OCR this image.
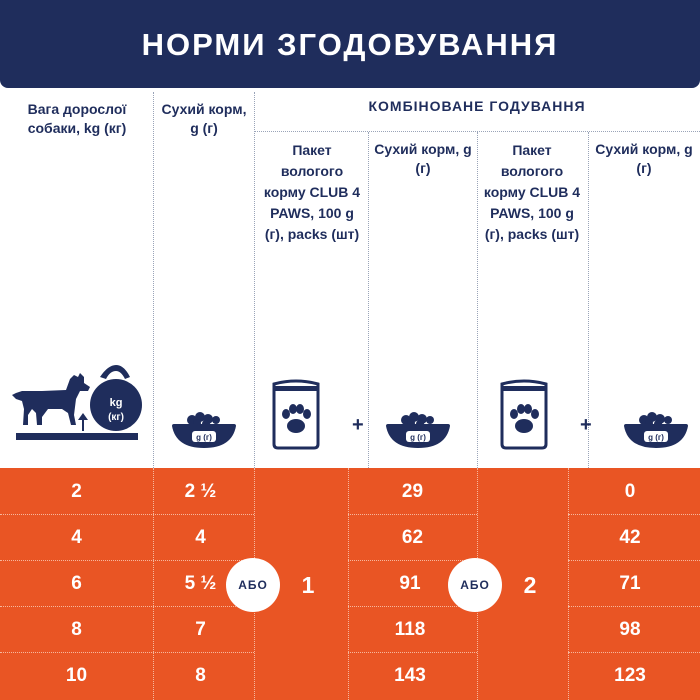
НОРМИ ЗГОДОВУВАННЯ
Вага дорослої собаки, kg (кг)
Сухий корм, g (г)
КОМБІНОВАНЕ ГОДУВАННЯ
Пакет вологого корму CLUB 4 PAWS, 100 g (г), packs (шт)
Сухий корм, g (г)
Пакет вологого корму CLUB 4 PAWS, 100 g (г), packs (шт)
Сухий корм, g (г)
kg
(кг)
g (г)
+
g (г)
+
g (г)
2	2 ½	29	0
4	4	62	42
6	5 ½	91	71
8	7	118	98
10	8	143	123
1	2
АБО	АБО
